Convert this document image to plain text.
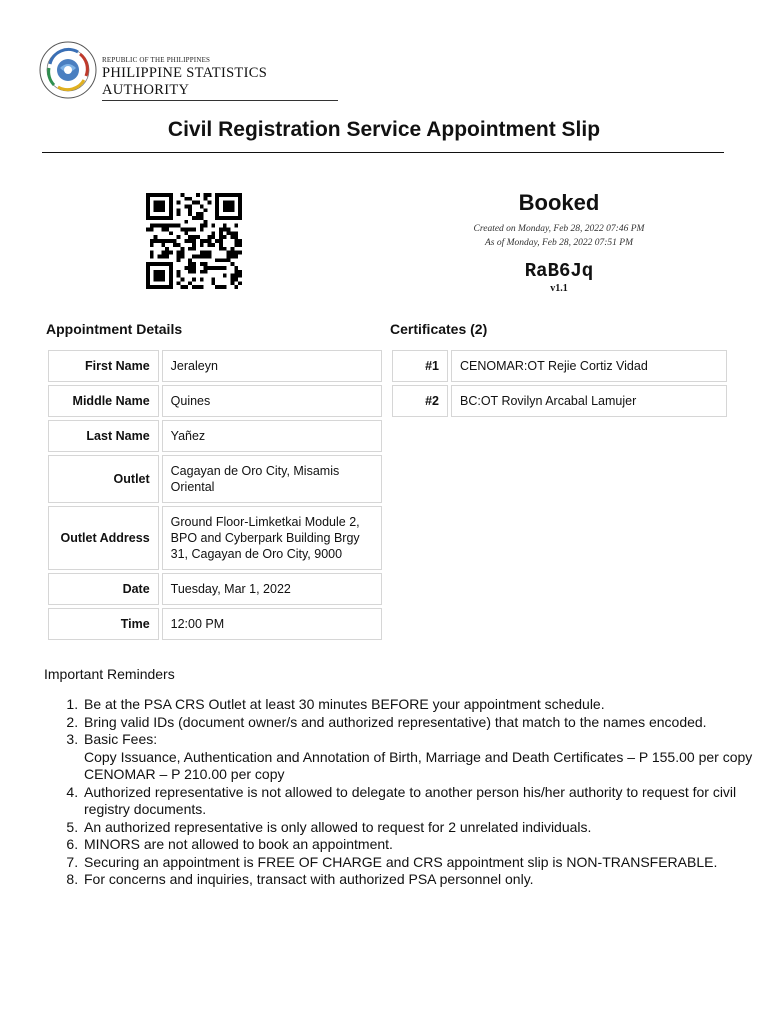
REPUBLIC OF THE PHILIPPINES
PHILIPPINE STATISTICS AUTHORITY
Civil Registration Service Appointment Slip
Booked
Created on Monday, Feb 28, 2022 07:46 PM
As of Monday, Feb 28, 2022 07:51 PM
RaB6Jq
v1.1
Appointment Details	Certificates (2)
First Name	Jeraleyn
Middle Name	Quines
Last Name	Yañez
Outlet	Cagayan de Oro City, Misamis Oriental
Outlet Address	Ground Floor-Limketkai Module 2, BPO and Cyberpark Building Brgy 31, Cagayan de Oro City, 9000
Date	Tuesday, Mar 1, 2022
Time	12:00 PM
#1	CENOMAR:OT Rejie Cortiz Vidad
#2	BC:OT Rovilyn Arcabal Lamujer
Important Reminders
1. Be at the PSA CRS Outlet at least 30 minutes BEFORE your appointment schedule.
2. Bring valid IDs (document owner/s and authorized representative) that match to the names encoded.
3. Basic Fees:
Copy Issuance, Authentication and Annotation of Birth, Marriage and Death Certificates – P 155.00 per copy
CENOMAR – P 210.00 per copy
4. Authorized representative is not allowed to delegate to another person his/her authority to request for civil registry documents.
5. An authorized representative is only allowed to request for 2 unrelated individuals.
6. MINORS are not allowed to book an appointment.
7. Securing an appointment is FREE OF CHARGE and CRS appointment slip is NON-TRANSFERABLE.
8. For concerns and inquiries, transact with authorized PSA personnel only.
